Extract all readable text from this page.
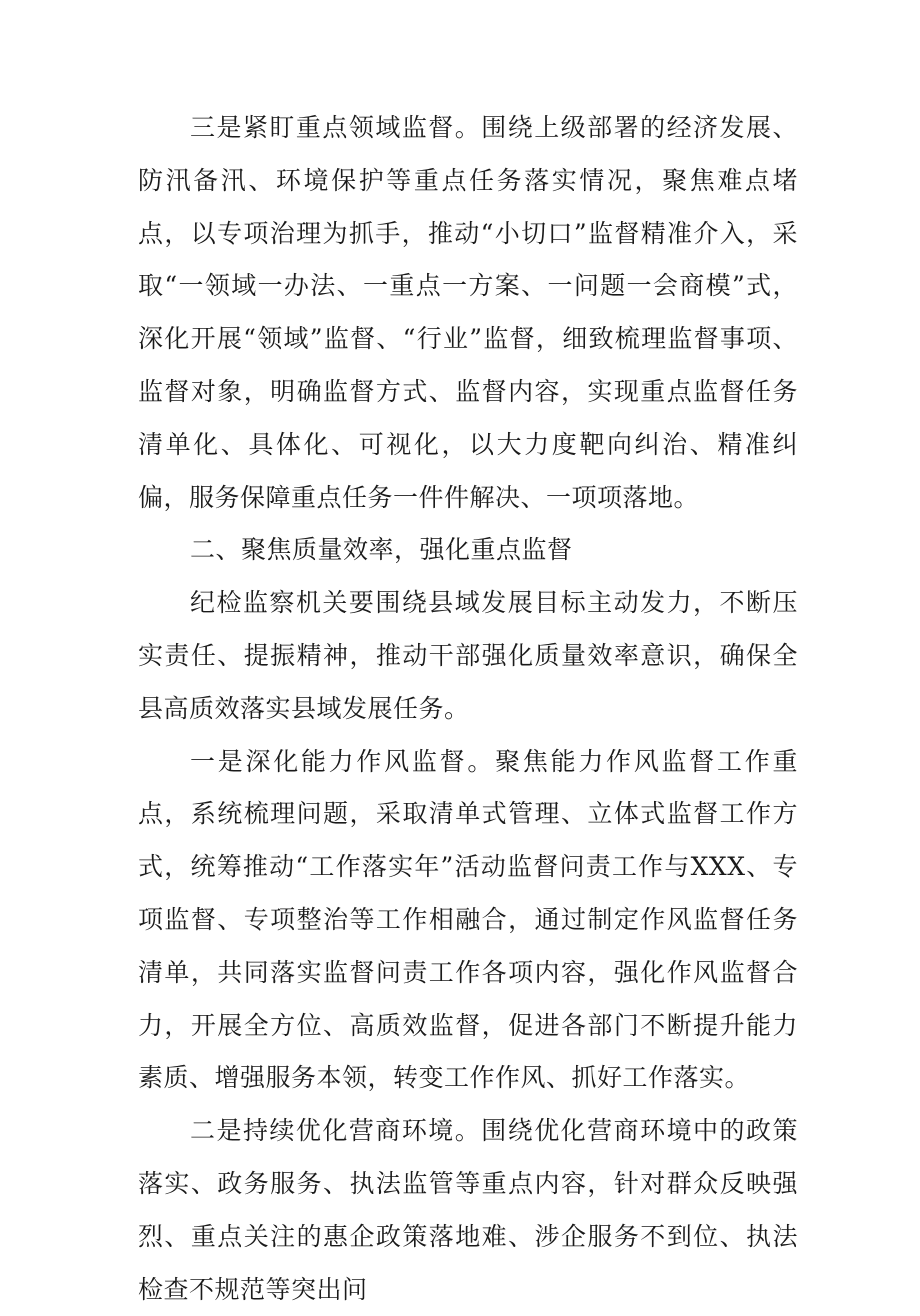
三是紧盯重点领域监督。围绕上级部署的经济发展、防汛备汛、环境保护等重点任务落实情况，聚焦难点堵点，以专项治理为抓手，推动“小切口”监督精准介入，采取“一领域一办法、一重点一方案、一问题一会商模”式，深化开展“领域”监督、“行业”监督，细致梳理监督事项、监督对象，明确监督方式、监督内容，实现重点监督任务清单化、具体化、可视化，以大力度靶向纠治、精准纠偏，服务保障重点任务一件件解决、一项项落地。

二、聚焦质量效率，强化重点监督

纪检监察机关要围绕县域发展目标主动发力，不断压实责任、提振精神，推动干部强化质量效率意识，确保全县高质效落实县域发展任务。

一是深化能力作风监督。聚焦能力作风监督工作重点，系统梳理问题，采取清单式管理、立体式监督工作方式，统筹推动“工作落实年”活动监督问责工作与XXX、专项监督、专项整治等工作相融合，通过制定作风监督任务清单，共同落实监督问责工作各项内容，强化作风监督合力，开展全方位、高质效监督，促进各部门不断提升能力素质、增强服务本领，转变工作作风、抓好工作落实。

二是持续优化营商环境。围绕优化营商环境中的政策落实、政务服务、执法监管等重点内容，针对群众反映强烈、重点关注的惠企政策落地难、涉企服务不到位、执法检查不规范等突出问
